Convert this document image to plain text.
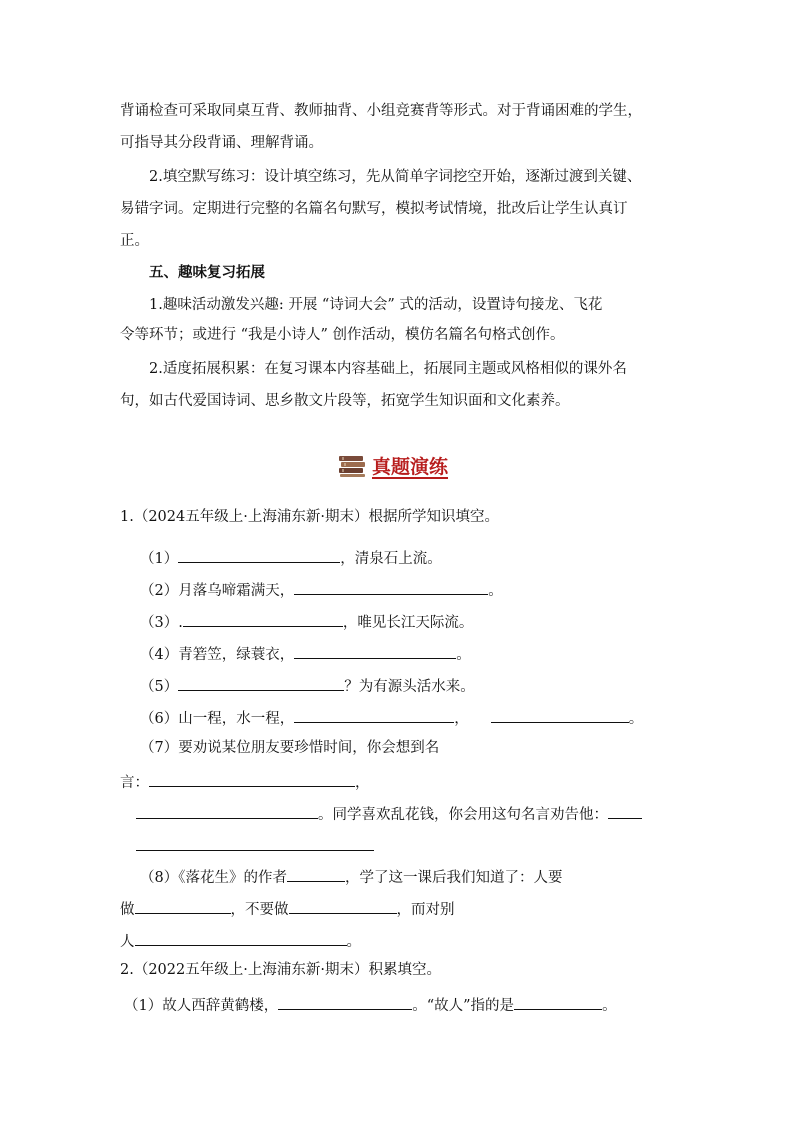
背诵检查可采取同桌互背、教师抽背、小组竞赛背等形式。对于背诵困难的学生，
可指导其分段背诵、理解背诵。
2.填空默写练习：设计填空练习，先从简单字词挖空开始，逐渐过渡到关键、
易错字词。定期进行完整的名篇名句默写，模拟考试情境，批改后让学生认真订
正。
五、趣味复习拓展
1.趣味活动激发兴趣: 开展 “诗词大会” 式的活动，设置诗句接龙、飞花
令等环节；或进行 “我是小诗人” 创作活动，模仿名篇名句格式创作。
2.适度拓展积累：在复习课本内容基础上，拓展同主题或风格相似的课外名
句，如古代爱国诗词、思乡散文片段等，拓宽学生知识面和文化素养。
真题演练
1.（2024五年级上·上海浦东新·期末）根据所学知识填空。
（1）	，清泉石上流。
（2）月落乌啼霜满天，	。
（3）.	，唯见长江天际流。
（4）青箬笠，绿蓑衣，	。
（5）	？为有源头活水来。
（6）山一程，水一程，	，	。
（7）要劝说某位朋友要珍惜时间，你会想到名
言：	，
。同学喜欢乱花钱，你会用这句名言劝告他：
（8）《落花生》的作者	，学了这一课后我们知道了：人要
做	，不要做	，而对别
人	。
2.（2022五年级上·上海浦东新·期末）积累填空。
（1）故人西辞黄鹤楼，	。“故人”指的是	。
